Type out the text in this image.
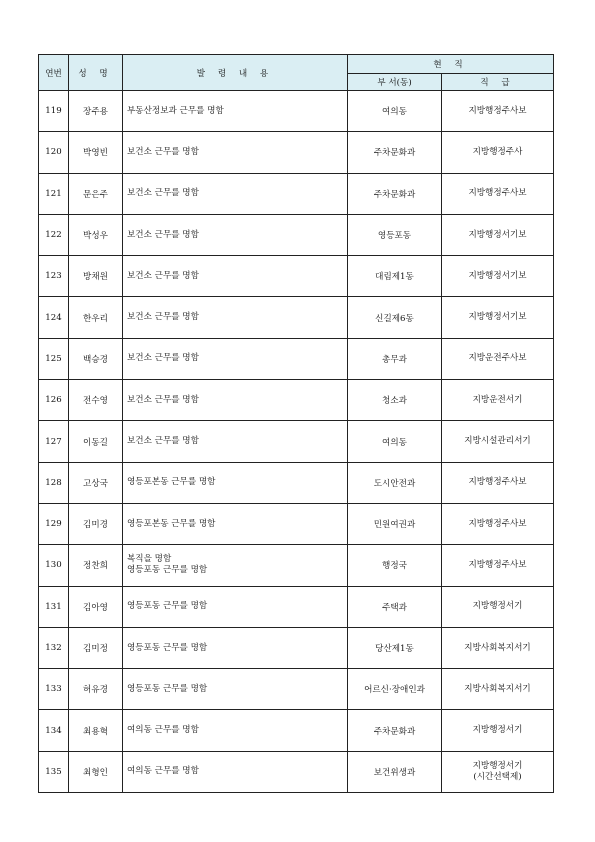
연번	성 명	발 령 내 용	현 직	
			부 서(동)	직 급
119	장주용	부동산정보과 근무를 명함	여의동	지방행정주사보

120	박영빈	보건소 근무를 명함	주차문화과	지방행정주사

121	문은주	보건소 근무를 명함	주차문화과	지방행정주사보

122	박성우	보건소 근무를 명함	영등포동	지방행정서기보

123	방채원	보건소 근무를 명함	대림제1동	지방행정서기보

124	한우리	보건소 근무를 명함	신길제6동	지방행정서기보

125	백승경	보건소 근무를 명함	총무과	지방운전주사보

126	전수영	보건소 근무를 명함	청소과	지방운전서기

127	이동길	보건소 근무를 명함	여의동	지방시설관리서기

128	고상국	영등포본동 근무를 명함	도시안전과	지방행정주사보

129	김미경	영등포본동 근무를 명함	민원여권과	지방행정주사보

130	정찬희	복직을 명함
영등포동 근무를 명함	행정국	지방행정주사보

131	김아영	영등포동 근무를 명함	주택과	지방행정서기

132	김미정	영등포동 근무를 명함	당산제1동	지방사회복지서기

133	허유경	영등포동 근무를 명함	어르신·장애인과	지방사회복지서기

134	최용혁	여의동 근무를 명함	주차문화과	지방행정서기

135	최형인	여의동 근무를 명함	보건위생과	지방행정서기
(시간선택제)
